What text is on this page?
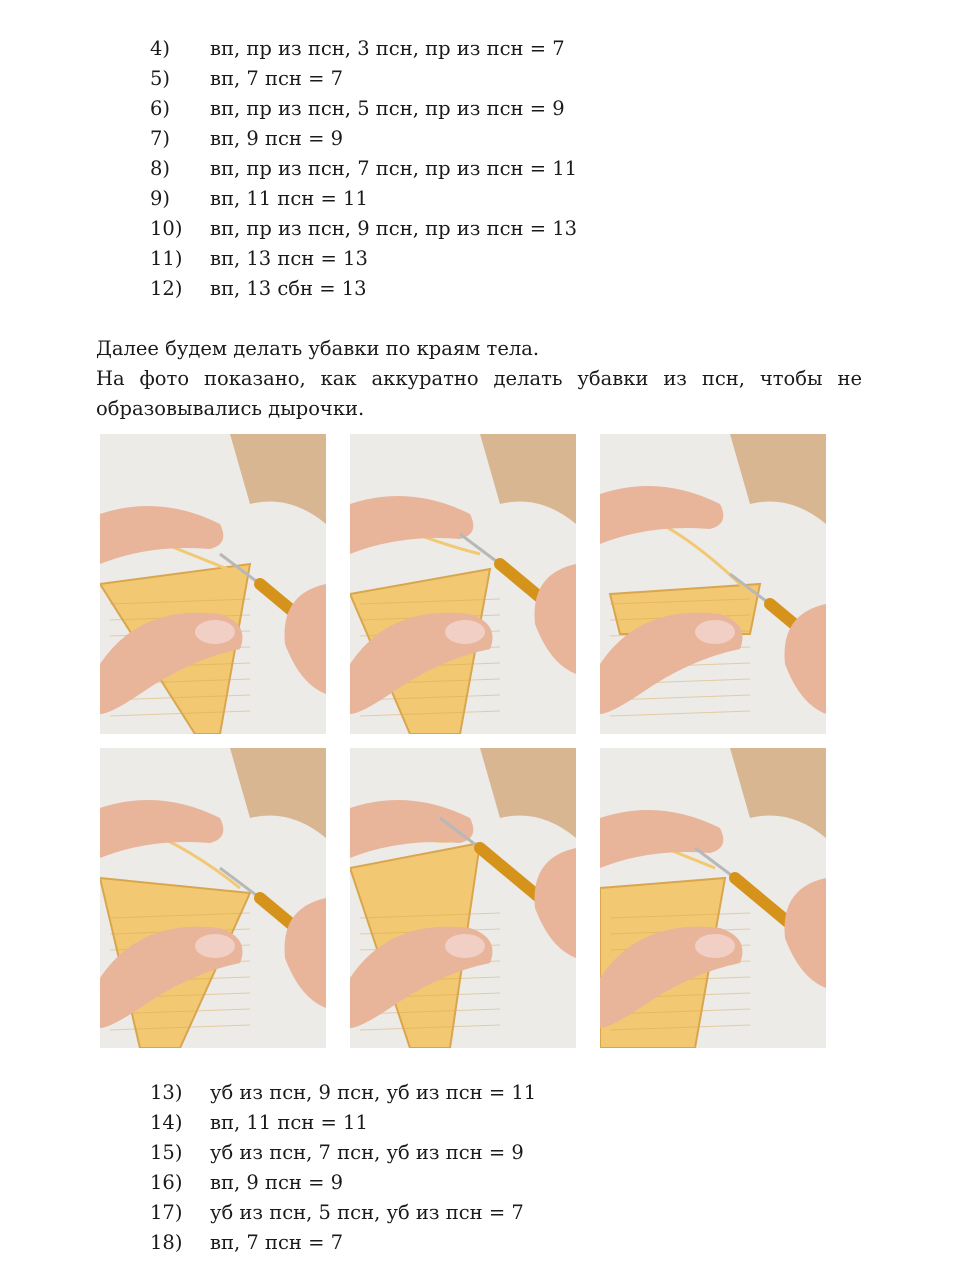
4)	вп, пр из псн, 3 псн, пр из псн = 7
5)	вп, 7 псн = 7
6)	вп, пр из псн, 5 псн, пр из псн = 9
7)	вп, 9 псн = 9
8)	вп, пр из псн, 7 псн, пр из псн = 11
9)	вп, 11 псн = 11
10)	вп, пр из псн, 9 псн, пр из псн = 13
11)	вп, 13 псн = 13
12)	вп, 13 сбн = 13

Далее будем делать убавки по краям тела.

На фото показано, как аккуратно делать убавки из псн, чтобы не образовывались дырочки.

13)	уб из псн, 9 псн, уб из псн = 11
14)	вп, 11 псн = 11
15)	уб из псн, 7 псн, уб из псн = 9
16)	вп, 9 псн = 9
17)	уб из псн, 5 псн, уб из псн = 7
18)	вп, 7 псн = 7
